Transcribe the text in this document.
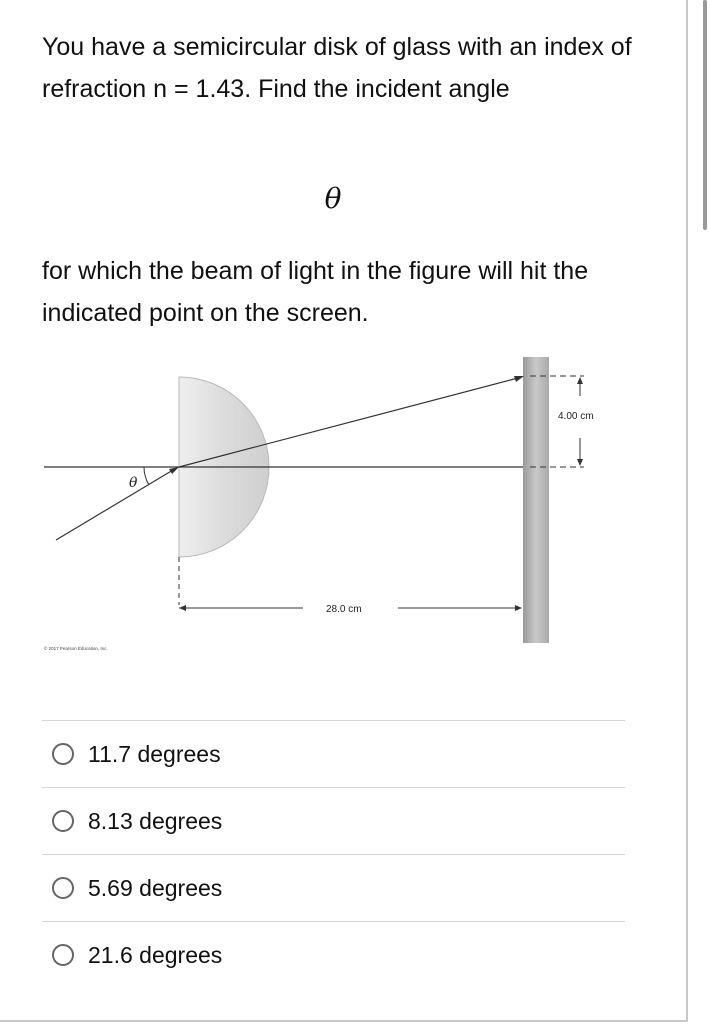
You have a semicircular disk of glass with an index of refraction n = 1.43. Find the incident angle

θ

for which the beam of light in the figure will hit the indicated point on the screen.

θ
4.00 cm
28.0 cm
© 2017 Pearson Education, Inc.
11.7 degrees
8.13 degrees
5.69 degrees
21.6 degrees
